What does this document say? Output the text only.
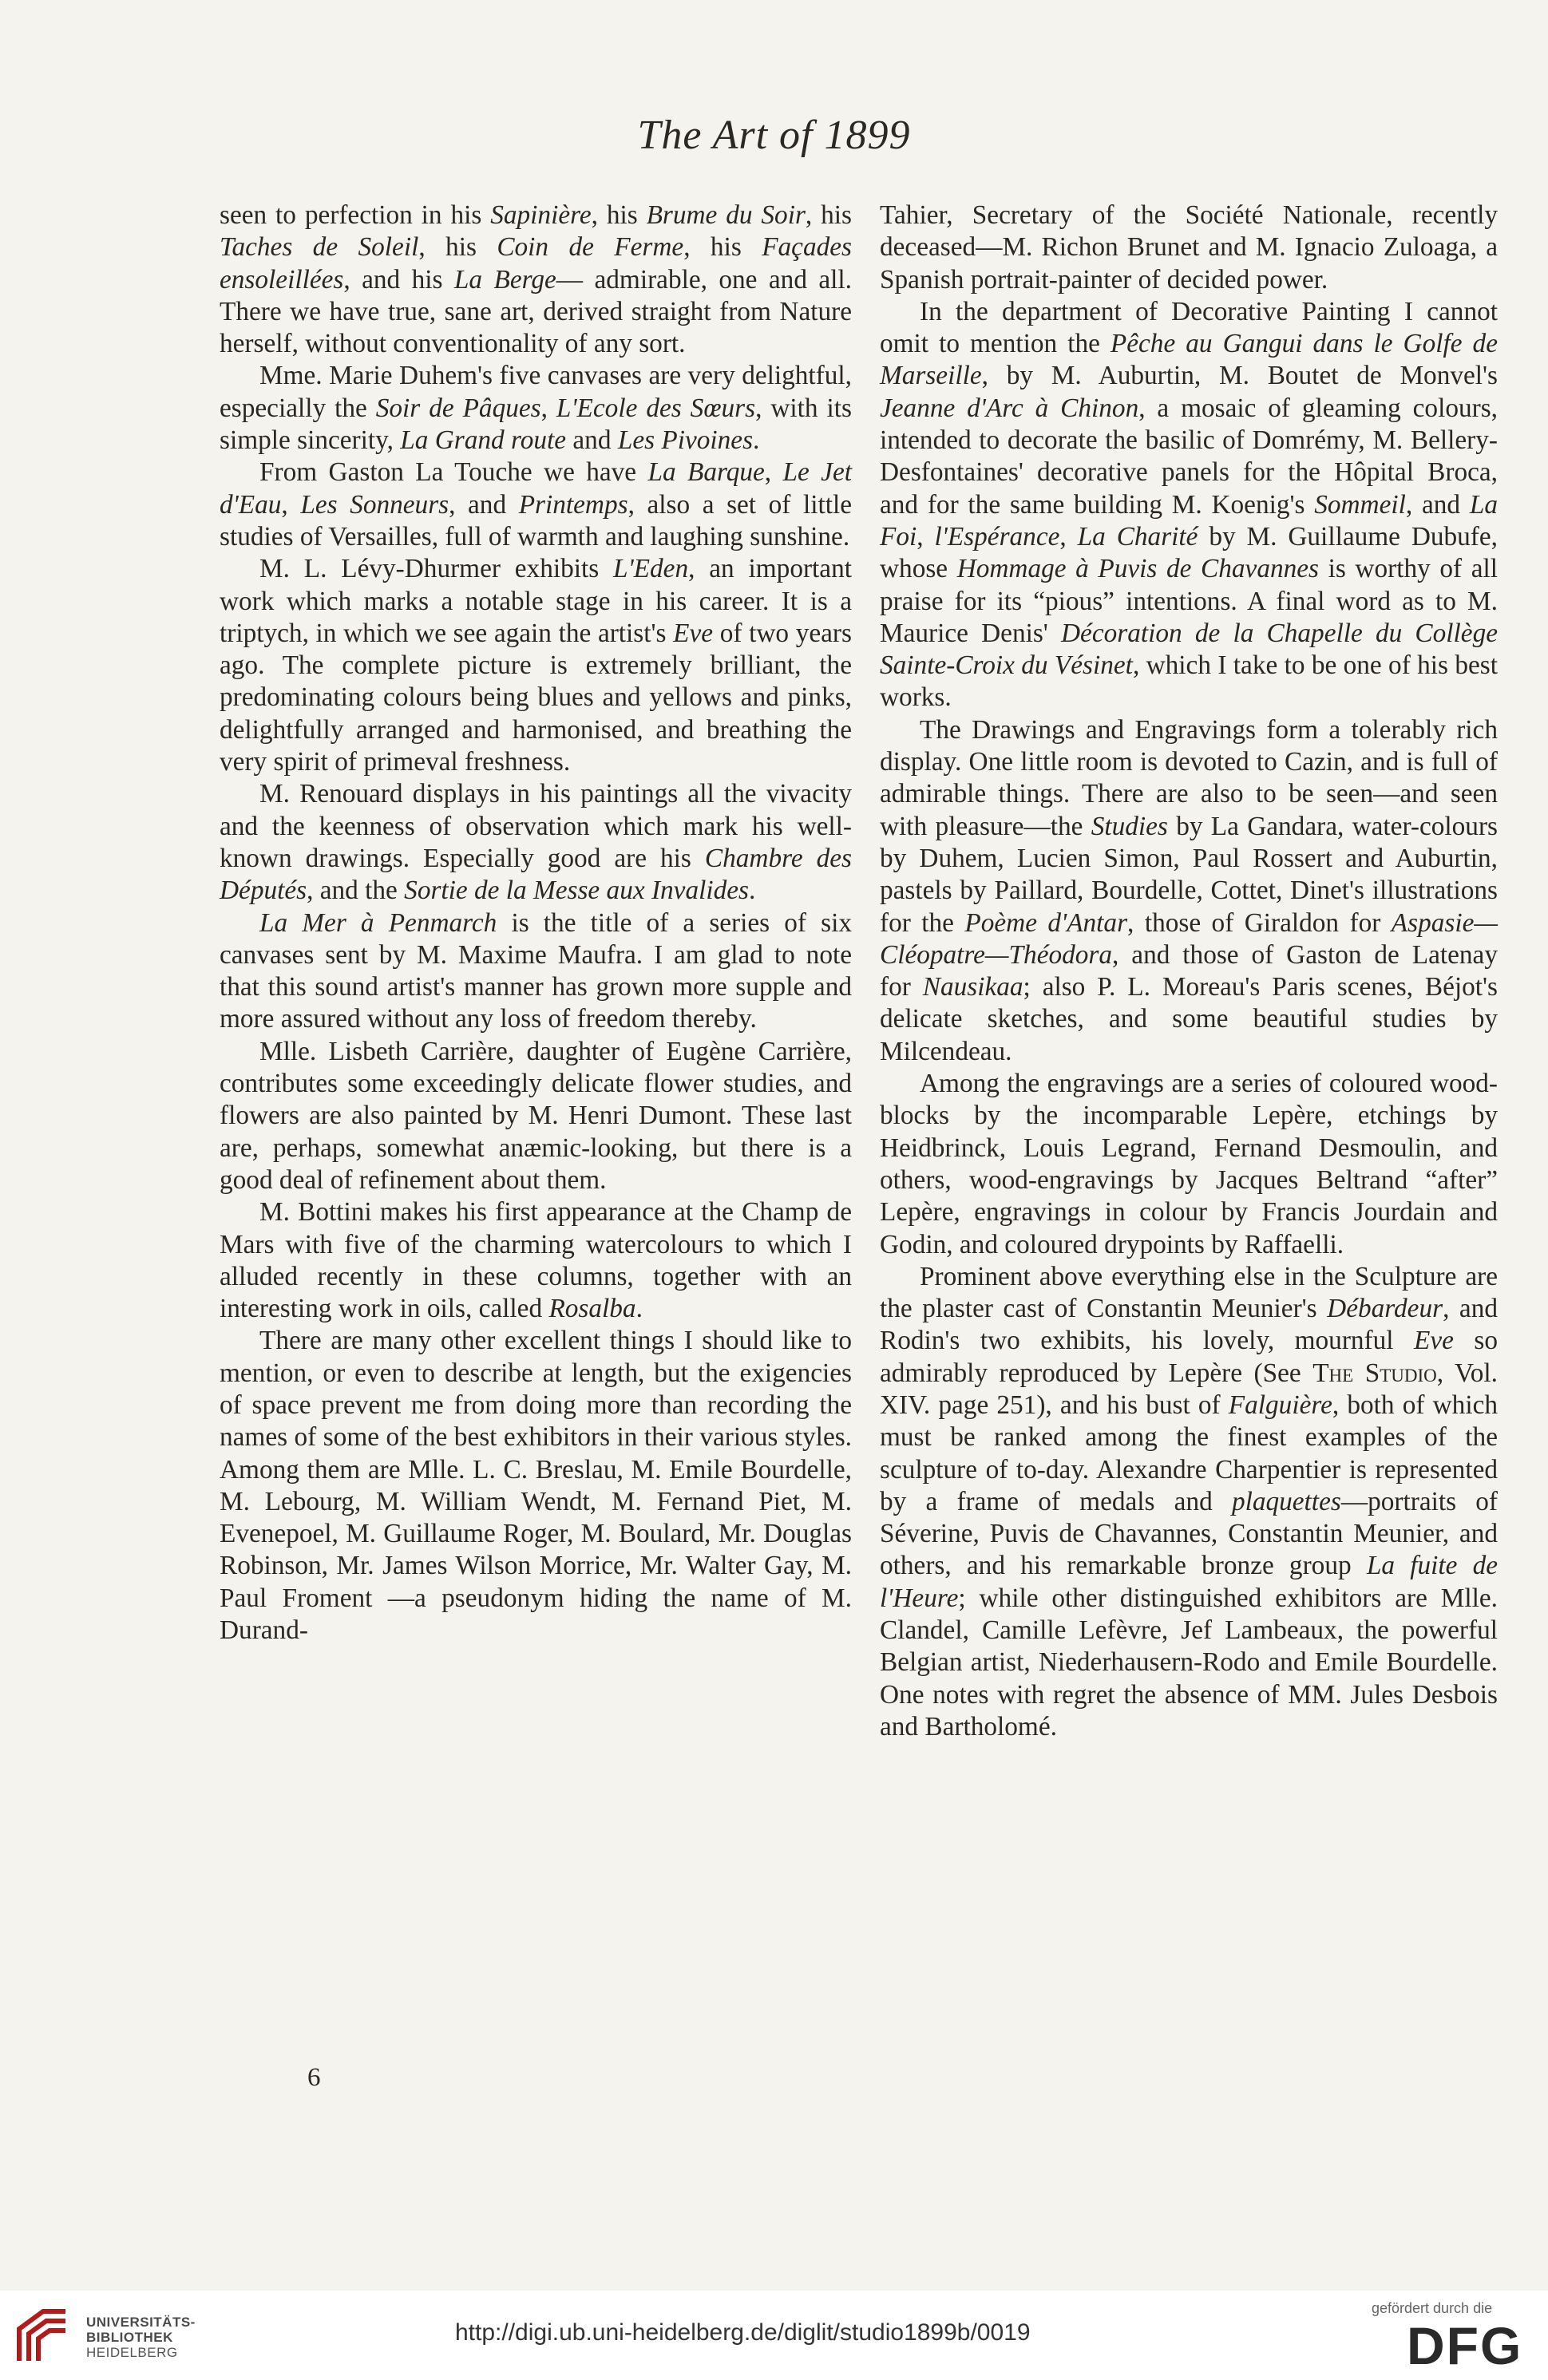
The Art of 1899

seen to perfection in his Sapinière, his Brume du Soir, his Taches de Soleil, his Coin de Ferme, his Façades ensoleillées, and his La Berge— admirable, one and all. There we have true, sane art, derived straight from Nature herself, without conventionality of any sort.

Mme. Marie Duhem's five canvases are very delightful, especially the Soir de Pâques, L'Ecole des Sœurs, with its simple sincerity, La Grand route and Les Pivoines.

From Gaston La Touche we have La Barque, Le Jet d'Eau, Les Sonneurs, and Printemps, also a set of little studies of Versailles, full of warmth and laughing sunshine.

M. L. Lévy-Dhurmer exhibits L'Eden, an important work which marks a notable stage in his career. It is a triptych, in which we see again the artist's Eve of two years ago. The complete picture is extremely brilliant, the predominating colours being blues and yellows and pinks, delightfully arranged and harmonised, and breathing the very spirit of primeval freshness.

M. Renouard displays in his paintings all the vivacity and the keenness of observation which mark his well-known drawings. Especially good are his Chambre des Députés, and the Sortie de la Messe aux Invalides.

La Mer à Penmarch is the title of a series of six canvases sent by M. Maxime Maufra. I am glad to note that this sound artist's manner has grown more supple and more assured without any loss of freedom thereby.

Mlle. Lisbeth Carrière, daughter of Eugène Carrière, contributes some exceedingly delicate flower studies, and flowers are also painted by M. Henri Dumont. These last are, perhaps, somewhat anæmic-looking, but there is a good deal of refinement about them.

M. Bottini makes his first appearance at the Champ de Mars with five of the charming watercolours to which I alluded recently in these columns, together with an interesting work in oils, called Rosalba.

There are many other excellent things I should like to mention, or even to describe at length, but the exigencies of space prevent me from doing more than recording the names of some of the best exhibitors in their various styles. Among them are Mlle. L. C. Breslau, M. Emile Bourdelle, M. Lebourg, M. William Wendt, M. Fernand Piet, M. Evenepoel, M. Guillaume Roger, M. Boulard, Mr. Douglas Robinson, Mr. James Wilson Morrice, Mr. Walter Gay, M. Paul Froment —a pseudonym hiding the name of M. Durand-

Tahier, Secretary of the Société Nationale, recently deceased—M. Richon Brunet and M. Ignacio Zuloaga, a Spanish portrait-painter of decided power.

In the department of Decorative Painting I cannot omit to mention the Pêche au Gangui dans le Golfe de Marseille, by M. Auburtin, M. Boutet de Monvel's Jeanne d'Arc à Chinon, a mosaic of gleaming colours, intended to decorate the basilic of Domrémy, M. Bellery-Desfontaines' decorative panels for the Hôpital Broca, and for the same building M. Koenig's Sommeil, and La Foi, l'Espérance, La Charité by M. Guillaume Dubufe, whose Hommage à Puvis de Chavannes is worthy of all praise for its “pious” intentions. A final word as to M. Maurice Denis' Décoration de la Chapelle du Collège Sainte-Croix du Vésinet, which I take to be one of his best works.

The Drawings and Engravings form a tolerably rich display. One little room is devoted to Cazin, and is full of admirable things. There are also to be seen—and seen with pleasure—the Studies by La Gandara, water-colours by Duhem, Lucien Simon, Paul Rossert and Auburtin, pastels by Paillard, Bourdelle, Cottet, Dinet's illustrations for the Poème d'Antar, those of Giraldon for Aspasie—Cléopatre—Théodora, and those of Gaston de Latenay for Nausikaa; also P. L. Moreau's Paris scenes, Béjot's delicate sketches, and some beautiful studies by Milcendeau.

Among the engravings are a series of coloured wood-blocks by the incomparable Lepère, etchings by Heidbrinck, Louis Legrand, Fernand Desmoulin, and others, wood-engravings by Jacques Beltrand “after” Lepère, engravings in colour by Francis Jourdain and Godin, and coloured drypoints by Raffaelli.

Prominent above everything else in the Sculpture are the plaster cast of Constantin Meunier's Débardeur, and Rodin's two exhibits, his lovely, mournful Eve so admirably reproduced by Lepère (See The Studio, Vol. XIV. page 251), and his bust of Falguière, both of which must be ranked among the finest examples of the sculpture of to-day. Alexandre Charpentier is represented by a frame of medals and plaquettes—portraits of Séverine, Puvis de Chavannes, Constantin Meunier, and others, and his remarkable bronze group La fuite de l'Heure; while other distinguished exhibitors are Mlle. Clandel, Camille Lefèvre, Jef Lambeaux, the powerful Belgian artist, Niederhausern-Rodo and Emile Bourdelle. One notes with regret the absence of MM. Jules Desbois and Bartholomé.

6
UNIVERSITÄTS-
BIBLIOTHEK
HEIDELBERG
http://digi.ub.uni-heidelberg.de/diglit/studio1899b/0019
gefördert durch die
DFG
